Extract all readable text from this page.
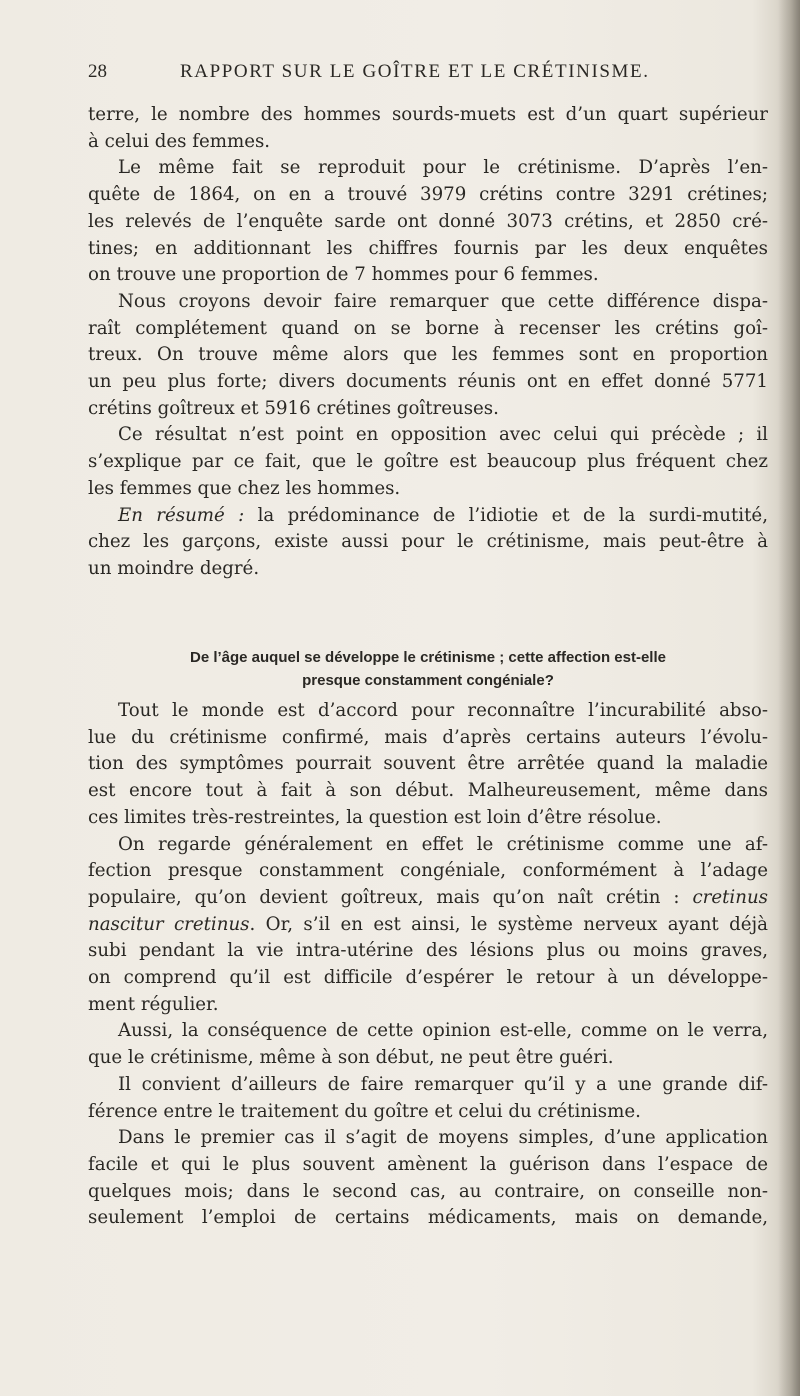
28	RAPPORT SUR LE GOÎTRE ET LE CRÉTINISME.
terre, le nombre des hommes sourds-muets est d’un quart supérieur
à celui des femmes.
Le même fait se reproduit pour le crétinisme. D’après l’en-
quête de 1864, on en a trouvé 3979 crétins contre 3291 crétines;
les relevés de l’enquête sarde ont donné 3073 crétins, et 2850 cré-
tines; en additionnant les chiffres fournis par les deux enquêtes
on trouve une proportion de 7 hommes pour 6 femmes.
Nous croyons devoir faire remarquer que cette différence dispa-
raît complétement quand on se borne à recenser les crétins goî-
treux. On trouve même alors que les femmes sont en proportion
un peu plus forte; divers documents réunis ont en effet donné 5771
crétins goîtreux et 5916 crétines goîtreuses.
Ce résultat n’est point en opposition avec celui qui précède ; il
s’explique par ce fait, que le goître est beaucoup plus fréquent chez
les femmes que chez les hommes.
En résumé : la prédominance de l’idiotie et de la surdi-mutité,
chez les garçons, existe aussi pour le crétinisme, mais peut-être à
un moindre degré.
De l’âge auquel se développe le crétinisme ; cette affection est-elle
presque constamment congéniale?
Tout le monde est d’accord pour reconnaître l’incurabilité abso-
lue du crétinisme confirmé, mais d’après certains auteurs l’évolu-
tion des symptômes pourrait souvent être arrêtée quand la maladie
est encore tout à fait à son début. Malheureusement, même dans
ces limites très-restreintes, la question est loin d’être résolue.
On regarde généralement en effet le crétinisme comme une af-
fection presque constamment congéniale, conformément à l’adage
populaire, qu’on devient goîtreux, mais qu’on naît crétin : cretinus
nascitur cretinus. Or, s’il en est ainsi, le système nerveux ayant déjà
subi pendant la vie intra-utérine des lésions plus ou moins graves,
on comprend qu’il est difficile d’espérer le retour à un développe-
ment régulier.
Aussi, la conséquence de cette opinion est-elle, comme on le verra,
que le crétinisme, même à son début, ne peut être guéri.
Il convient d’ailleurs de faire remarquer qu’il y a une grande dif-
férence entre le traitement du goître et celui du crétinisme.
Dans le premier cas il s’agit de moyens simples, d’une application
facile et qui le plus souvent amènent la guérison dans l’espace de
quelques mois; dans le second cas, au contraire, on conseille non-
seulement l’emploi de certains médicaments, mais on demande,
